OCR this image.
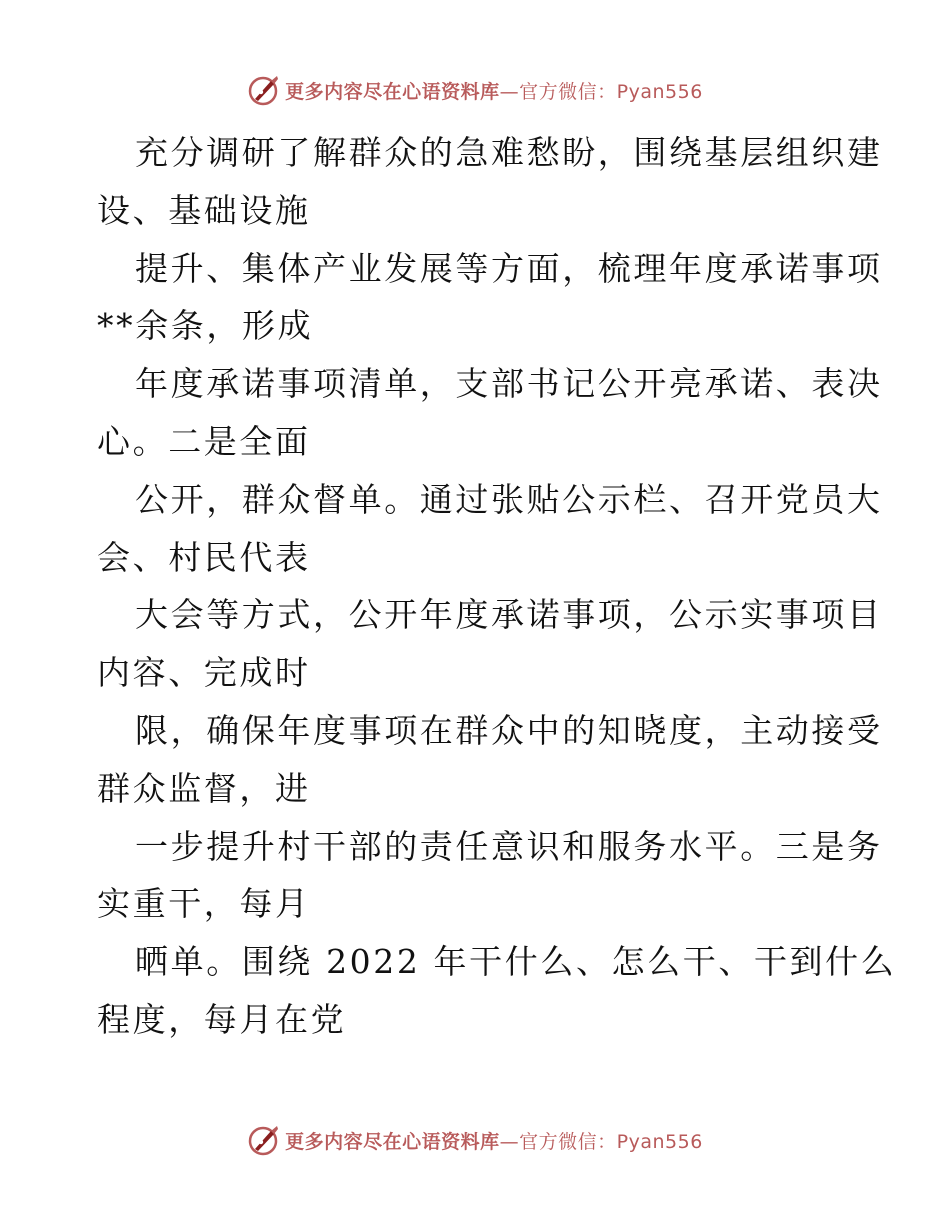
更多内容尽在心语资料库—官方微信：Pyan556
充分调研了解群众的急难愁盼，围绕基层组织建
设、基础设施
提升、集体产业发展等方面，梳理年度承诺事项
**余条，形成
年度承诺事项清单，支部书记公开亮承诺、表决
心。二是全面
公开，群众督单。通过张贴公示栏、召开党员大
会、村民代表
大会等方式，公开年度承诺事项，公示实事项目
内容、完成时
限，确保年度事项在群众中的知晓度，主动接受
群众监督，进
一步提升村干部的责任意识和服务水平。三是务
实重干，每月
晒单。围绕 2022 年干什么、怎么干、干到什么
程度，每月在党
更多内容尽在心语资料库—官方微信：Pyan556
